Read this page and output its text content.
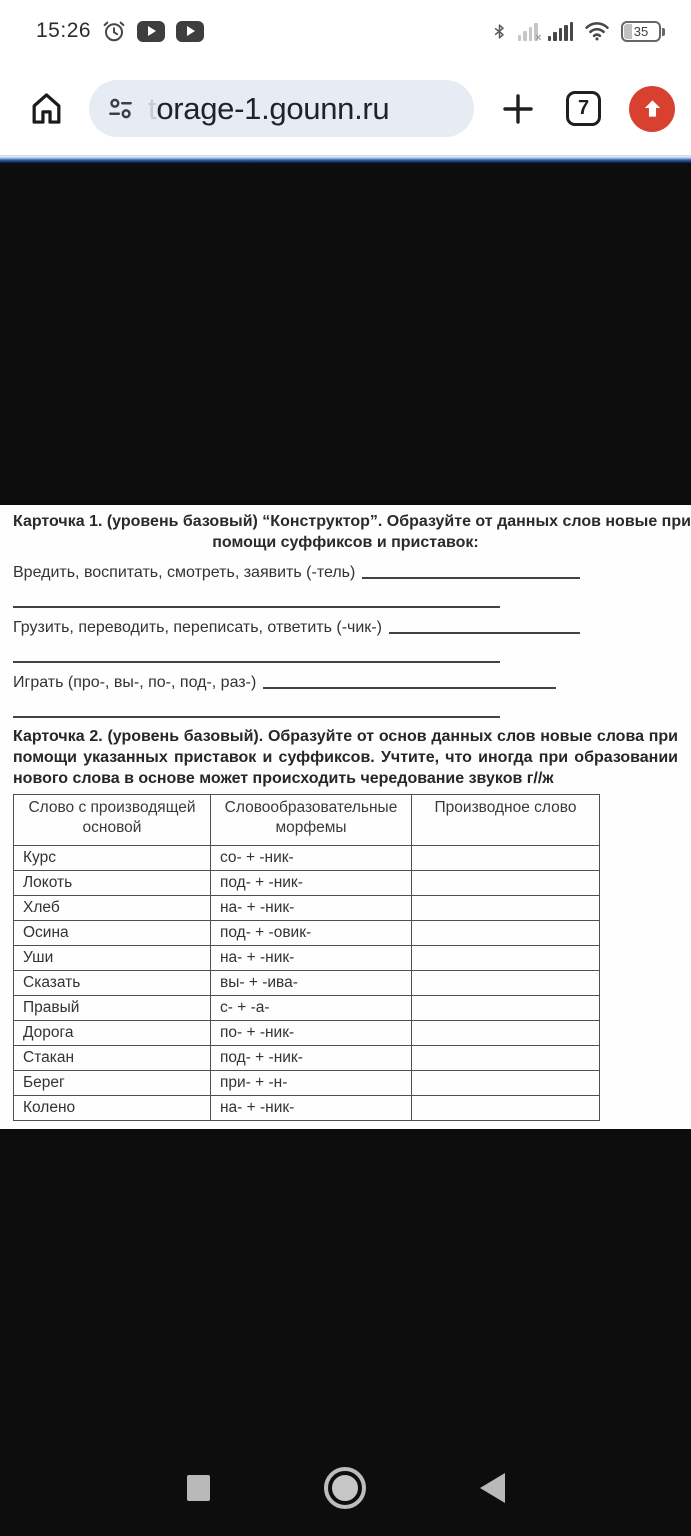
15:26	×	35
torage-1.gounn.ru	7
Карточка 1. (уровень базовый) “Конструктор”. Образуйте от данных слов новые при
помощи суффиксов и приставок:
Вредить, воспитать, смотреть, заявить (-тель)
Грузить, переводить, переписать, ответить (-чик-)
Играть (про-, вы-, по-, под-, раз-)
Карточка 2. (уровень базовый). Образуйте от основ данных слов новые слова при помощи указанных приставок и суффиксов. Учтите, что иногда при образовании нового слова в основе может происходить чередование звуков г//ж
Слово с производящей основой	Словообразовательные морфемы	Производное слово
Курс	со- + -ник-	
Локоть	под- + -ник-	
Хлеб	на- + -ник-	
Осина	под- + -овик-	
Уши	на- + -ник-	
Сказать	вы- + -ива-	
Правый	с- + -а-	
Дорога	по- + -ник-	
Стакан	под- + -ник-	
Берег	при- + -н-	
Колено	на- + -ник-	
